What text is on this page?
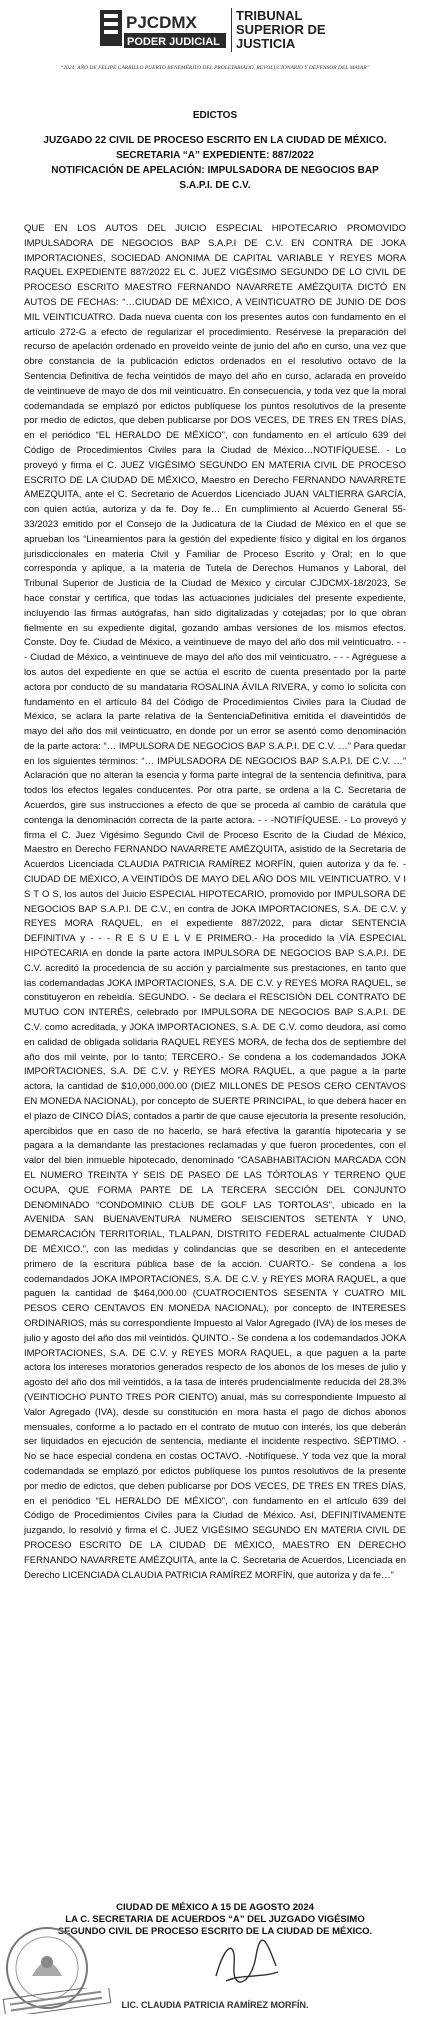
PJCDMX
PODER JUDICIAL
TRIBUNAL
SUPERIOR DE
JUSTICIA
“2024, AÑO DE FELIPE CARRILLO PUERTO BENEMÉRITO DEL PROLETARIADO, REVOLUCIONARIO Y DEFENSOR DEL MAYAB”
EDICTOS
JUZGADO 22 CIVIL DE PROCESO ESCRITO EN LA CIUDAD DE MÉXICO.
SECRETARIA “A” EXPEDIENTE: 887/2022
NOTIFICACIÓN DE APELACIÓN: IMPULSADORA DE NEGOCIOS BAP
S.A.P.I. DE C.V.

QUE EN LOS AUTOS DEL JUICIO ESPECIAL HIPOTECARIO PROMOVIDO IMPULSADORA DE NEGOCIOS BAP S.A.P.I DE C.V. EN CONTRA DE JOKA IMPORTACIONES, SOCIEDAD ANONIMA DE CAPITAL VARIABLE Y REYES MORA RAQUEL EXPEDIENTE 887/2022 EL C. JUEZ VIGÉSIMO SEGUNDO DE LO CIVIL DE PROCESO ESCRITO MAESTRO FERNANDO NAVARRETE AMÉZQUITA DICTÓ EN AUTOS DE FECHAS: “…CIUDAD DE MÉXICO, A VEINTICUATRO DE JUNIO DE DOS MIL VEINTICUATRO. Dada nueva cuenta con los presentes autos con fundamento en el artículo 272-G a efecto de regularizar el procedimiento. Resérvese la preparación del recurso de apelación ordenado en proveído veinte de junio del año en curso, una vez que obre constancia de la publicación edictos ordenados en el resolutivo octavo de la Sentencia Definitiva de fecha veintidós de mayo del año en curso, aclarada en proveído de veintinueve de mayo de dos mil veinticuatro. En consecuencia, y toda vez que la moral codemandada se emplazó por edictos publíquese los puntos resolutivos de la presente por medio de edictos, que deben publicarse por DOS VECES, DE TRES EN TRES DÍAS, en el periódico “EL HERALDO DE MÉXICO”, con fundamento en el artículo 639 del Código de Procedimientos Civiles para la Ciudad de México…NOTIFÍQUESE. - Lo proveyó y firma el C. JUEZ VIGÉSIMO SEGUNDO EN MATERIA CIVIL DE PROCESO ESCRITO DE LA CIUDAD DE MÉXICO, Maestro en Derecho FERNANDO NAVARRETE AMEZQUITA, ante el C. Secretario de Acuerdos Licenciado JUAN VALTIERRA GARCÍA, con quien actúa, autoriza y da fe. Doy fe… En cumplimiento al Acuerdo General 55-33/2023 emitido por el Consejo de la Judicatura de la Ciudad de México en el que se aprueban los “Lineamientos para la gestión del expediente físico y digital en los órganos jurisdiccionales en materia Civil y Familiar de Proceso Escrito y Oral; en lo que corresponda y aplique, a la materia de Tutela de Derechos Humanos y Laboral, del Tribunal Superior de Justicia de la Ciudad de México y circular CJDCMX-18/2023, Se hace constar y certifica, que todas las actuaciones judiciales del presente expediente, incluyendo las firmas autógrafas, han sido digitalizadas y cotejadas; por lo que obran fielmente en su expediente digital, gozando ambas versiones de los mismos efectos. Conste. Doy fe. Ciudad de México, a veintinueve de mayo del año dos mil veinticuatro. - - - Ciudad de México, a veintinueve de mayo del año dos mil veinticuatro. - - - Agréguese a los autos del expediente en que se actúa el escrito de cuenta presentado por la parte actora por conducto de su mandataria ROSALINA ÁVILA RIVERA, y como lo solicita con fundamento en el artículo 84 del Código de Procedimientos Civiles para la Ciudad de México, se aclara la parte relativa de la SentenciaDefinitiva emitida el diaveintidós de mayo del año dos mil veinticuatro, en donde por un error se asentó como denominación de la parte actora: “… IMPULSORA DE NEGOCIOS BAP S.A.P.I. DE C.V. …” Para quedar en los siguientes términos: “… IMPULSADORA DE NEGOCIOS BAP S.A.P.I. DE C.V. …” Aclaración que no alteran la esencia y forma parte integral de la sentencia definitiva, para todos los efectos legales conducentes. Por otra parte, se ordena a la C. Secretaria de Acuerdos, gire sus instrucciones a efecto de que se proceda al cambio de carátula que contenga la denominación correcta de la parte actora. - - -NOTIFÍQUESE. - Lo proveyó y firma el C. Juez Vigésimo Segundo Civil de Proceso Escrito de la Ciudad de México, Maestro en Derecho FERNANDO NAVARRETE AMÉZQUITA, asistido de la Secretaria de Acuerdos Licenciada CLAUDIA PATRICIA RAMÍREZ MORFÍN, quien autoriza y da fe. - CIUDAD DE MÉXICO, A VEINTIDÓS DE MAYO DEL AÑO DOS MIL VEINTICUATRO. V I S T O S, los autos del Juicio ESPECIAL HIPOTECARIO, promovido por IMPULSORA DE NEGOCIOS BAP S.A.P.I. DE C.V., en contra de JOKA IMPORTACIONES, S.A. DE C.V. y REYES MORA RAQUEL, en el expediente 887/2022, para dictar SENTENCIA DEFINITIVA y - - - R E S U E L V E PRIMERO.- Ha procedido la VÍA ESPECIAL HIPOTECARIA en donde la parte actora IMPULSORA DE NEGOCIOS BAP S.A.P.I. DE C.V. acreditó la procedencia de su acción y parcialmente sus prestaciones, en tanto que las codemandadas JOKA IMPORTACIONES, S.A. DE C.V. y REYES MORA RAQUEL, se constituyeron en rebeldía. SEGUNDO. - Se declara el RESCISIÓN DEL CONTRATO DE MUTUO CON INTERÉS, celebrado por IMPULSORA DE NEGOCIOS BAP S.A.P.I. DE C.V. como acreditada, y JOKA IMPORTACIONES, S.A. DE C.V. como deudora, así como en calidad de obligada solidaria RAQUEL REYES MORA, de fecha dos de septiembre del año dos mil veinte, por lo tanto; TERCERO.- Se condena a los codemandados JOKA IMPORTACIONES, S.A. DE C.V. y REYES MORA RAQUEL, a que pague a la parte actora, la cantidad de $10,000,000.00 (DIEZ MILLONES DE PESOS CERO CENTAVOS EN MONEDA NACIONAL), por concepto de SUERTE PRINCIPAL, lo que deberá hacer en el plazo de CINCO DÍAS, contados a partir de que cause ejecutoria la presente resolución, apercibidos que en caso de no hacerlo, se hará efectiva la garantía hipotecaria y se pagara a la demandante las prestaciones reclamadas y que fueron procedentes, con el valor del bien inmueble hipotecado, denominado “CASABHABITACION MARCADA CON EL NUMERO TREINTA Y SEIS DE PASEO DE LAS TÓRTOLAS Y TERRENO QUE OCUPA, QUE FORMA PARTE DE LA TERCERA SECCIÓN DEL CONJUNTO DENOMINADO “CONDOMINIO CLUB DE GOLF LAS TORTOLAS”, ubicado en la AVENIDA SAN BUENAVENTURA NUMERO SEISCIENTOS SETENTA Y UNO, DEMARCACIÓN TERRITORIAL, TLALPAN, DISTRITO FEDERAL actualmente CIUDAD DE MÉXICO.”, con las medidas y colindancias que se describen en el antecedente primero de la escritura pública base de la acción. CUARTO.- Se condena a los codemandados JOKA IMPORTACIONES, S.A. DE C.V. y REYES MORA RAQUEL, a que paguen la cantidad de $464,000.00 (CUATROCIENTOS SESENTA Y CUATRO MIL PESOS CERO CENTAVOS EN MONEDA NACIONAL), por concepto de INTERESES ORDINARIOS, más su correspondiente Impuesto al Valor Agregado (IVA) de los meses de julio y agosto del año dos mil veintidós. QUINTO.- Se condena a los codemandados JOKA IMPORTACIONES, S.A. DE C.V. y REYES MORA RAQUEL, a que paguen a la parte actora los intereses moratorios generados respecto de los abonos de los meses de julio y agosto del año dos mil veintidós, a la tasa de interés prudencialmente reducida del 28.3% (VEINTIOCHO PUNTO TRES POR CIENTO) anual, más su correspondiente Impuesto al Valor Agregado (IVA), desde su constitución en mora hasta el pago de dichos abonos mensuales, conforme a lo pactado en el contrato de mutuo con interés, los que deberán ser liquidados en ejecución de sentencia, mediante el incidente respectivo. SÉPTIMO. - No se hace especial condena en costas OCTAVO. -Notifíquese. Y toda vez que la moral codemandada se emplazó por edictos publíquese los puntos resolutivos de la presente por medio de edictos, que deben publicarse por DOS VECES, DE TRES EN TRES DÍAS, en el periódico “EL HERALDO DE MÉXICO”, con fundamento en el artículo 639 del Código de Procedimientos Civiles para la Ciudad de México. Así, DEFINITIVAMENTE juzgando, lo resolvió y firma el C. JUEZ VIGÉSIMO SEGUNDO EN MATERIA CIVIL DE PROCESO ESCRITO DE LA CIUDAD DE MÉXICO, MAESTRO EN DERECHO FERNANDO NAVARRETE AMÉZQUITA, ante la C. Secretaria de Acuerdos, Licenciada en Derecho LICENCIADA CLAUDIA PATRICIA RAMÍREZ MORFÍN, que autoriza y da fe…”

CIUDAD DE MÉXICO A 15 DE AGOSTO 2024
LA C. SECRETARIA DE ACUERDOS “A” DEL JUZGADO VIGÉSIMO
SEGUNDO CIVIL DE PROCESO ESCRITO DE LA CIUDAD DE MÉXICO.
LIC. CLAUDIA PATRICIA RAMÍREZ MORFÍN.
